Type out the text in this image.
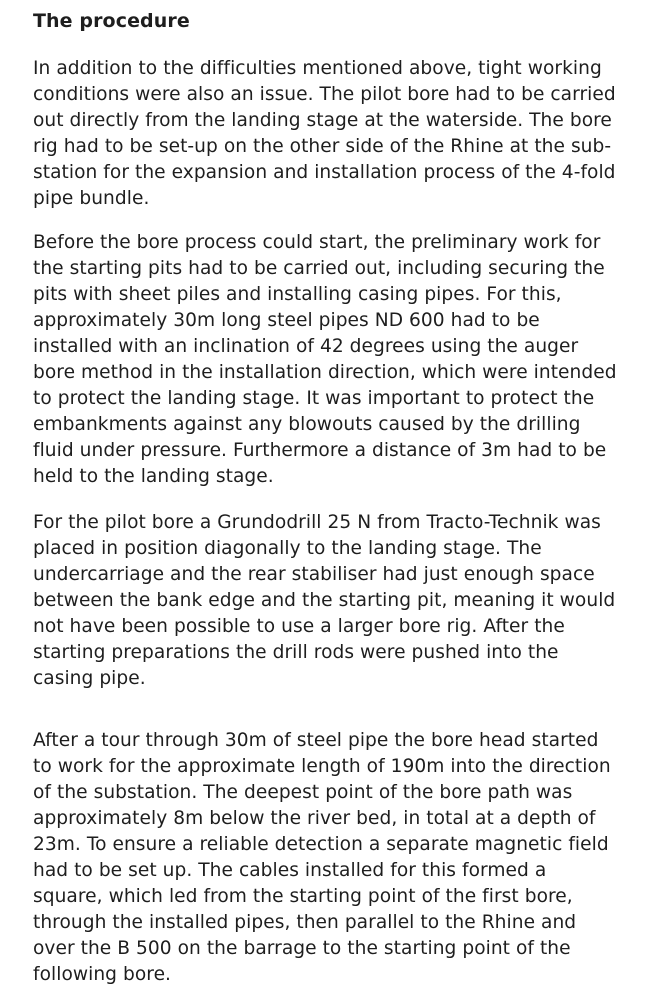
The procedure
In addition to the difficulties mentioned above, tight working
conditions were also an issue. The pilot bore had to be carried
out directly from the landing stage at the waterside. The bore
rig had to be set-up on the other side of the Rhine at the sub-
station for the expansion and installation process of the 4-fold
pipe bundle.
Before the bore process could start, the preliminary work for
the starting pits had to be carried out, including securing the
pits with sheet piles and installing casing pipes. For this,
approximately 30m long steel pipes ND 600 had to be
installed with an inclination of 42 degrees using the auger
bore method in the installation direction, which were intended
to protect the landing stage. It was important to protect the
embankments against any blowouts caused by the drilling
fluid under pressure. Furthermore a distance of 3m had to be
held to the landing stage.
For the pilot bore a Grundodrill 25 N from Tracto-Technik was
placed in position diagonally to the landing stage. The
undercarriage and the rear stabiliser had just enough space
between the bank edge and the starting pit, meaning it would
not have been possible to use a larger bore rig. After the
starting preparations the drill rods were pushed into the
casing pipe.
After a tour through 30m of steel pipe the bore head started
to work for the approximate length of 190m into the direction
of the substation. The deepest point of the bore path was
approximately 8m below the river bed, in total at a depth of
23m. To ensure a reliable detection a separate magnetic field
had to be set up. The cables installed for this formed a
square, which led from the starting point of the first bore,
through the installed pipes, then parallel to the Rhine and
over the B 500 on the barrage to the starting point of the
following bore.
